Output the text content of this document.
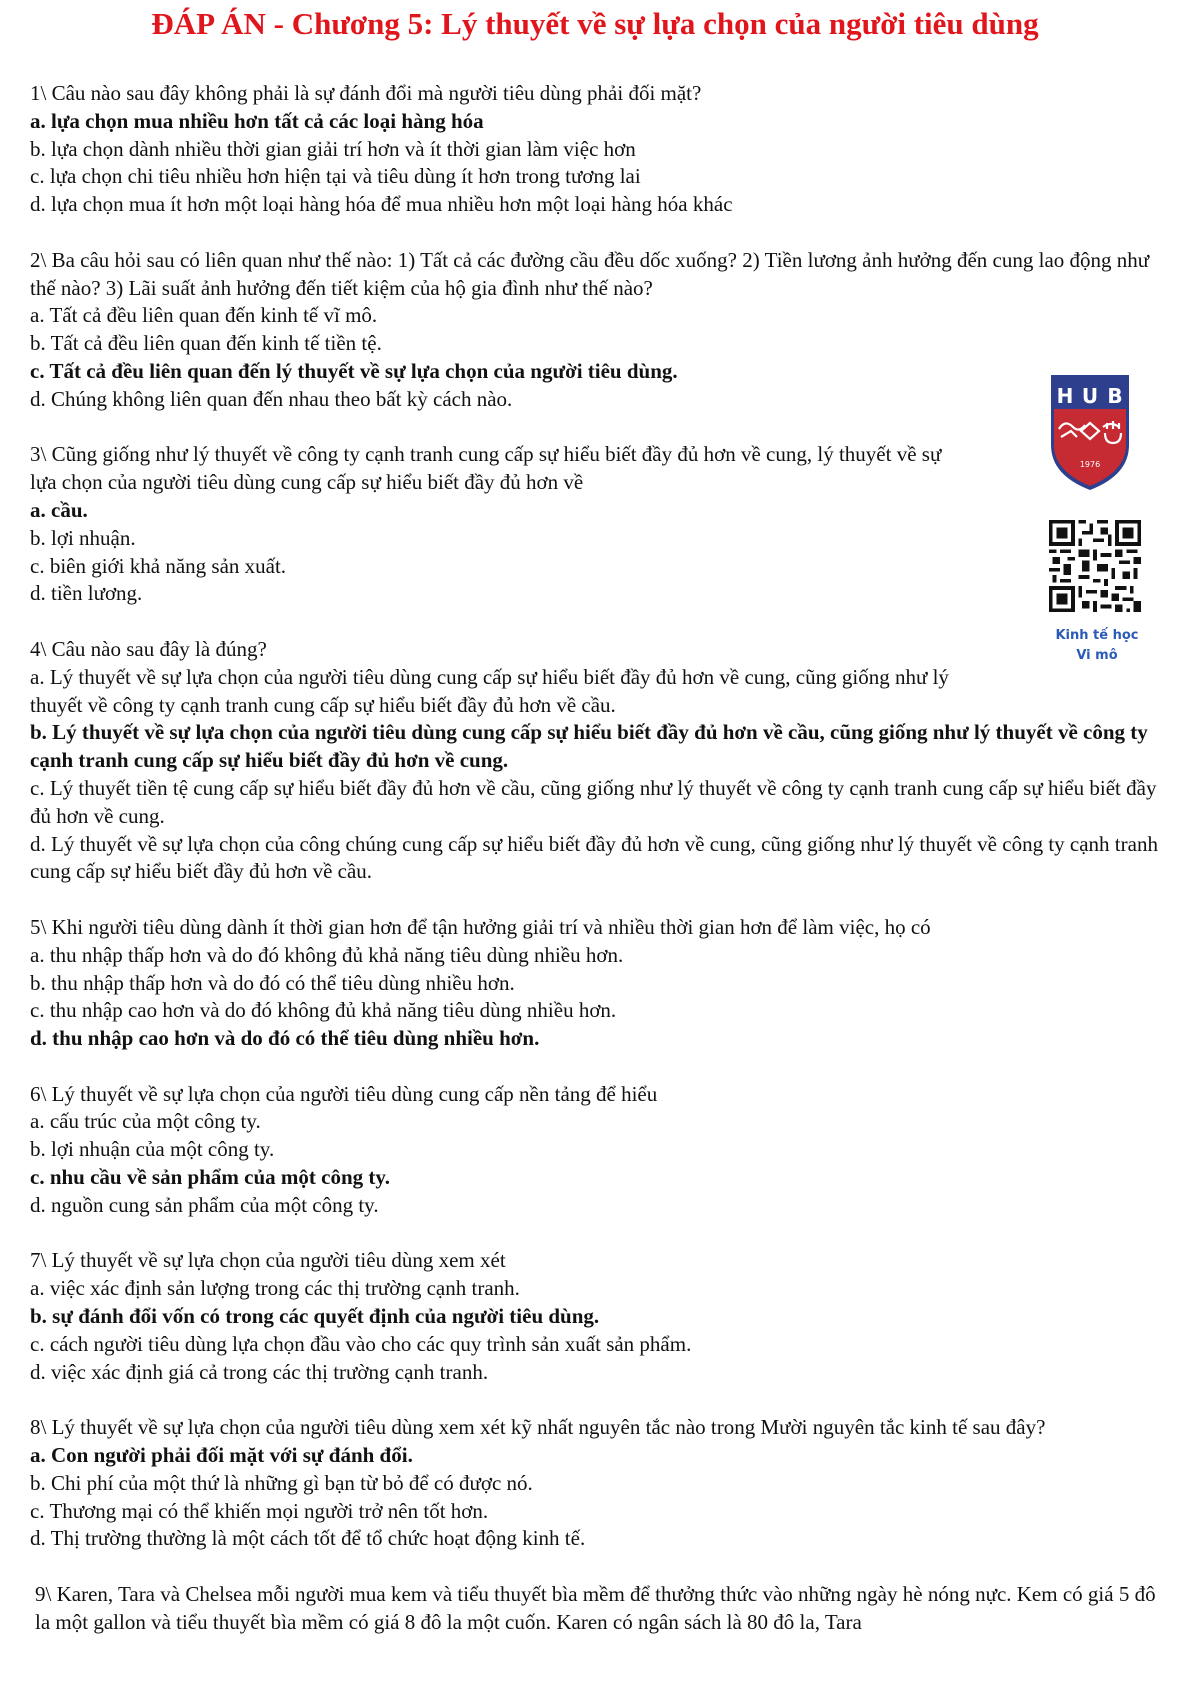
ĐÁP ÁN - Chương 5: Lý thuyết về sự lựa chọn của người tiêu dùng

1\ Câu nào sau đây không phải là sự đánh đổi mà người tiêu dùng phải đối mặt?

a. lựa chọn mua nhiều hơn tất cả các loại hàng hóa

b. lựa chọn dành nhiều thời gian giải trí hơn và ít thời gian làm việc hơn

c. lựa chọn chi tiêu nhiều hơn hiện tại và tiêu dùng ít hơn trong tương lai

d. lựa chọn mua ít hơn một loại hàng hóa để mua nhiều hơn một loại hàng hóa khác

2\ Ba câu hỏi sau có liên quan như thế nào: 1) Tất cả các đường cầu đều dốc xuống? 2) Tiền lương ảnh hưởng đến cung lao động như thế nào? 3) Lãi suất ảnh hưởng đến tiết kiệm của hộ gia đình như thế nào?

a. Tất cả đều liên quan đến kinh tế vĩ mô.

b. Tất cả đều liên quan đến kinh tế tiền tệ.

c. Tất cả đều liên quan đến lý thuyết về sự lựa chọn của người tiêu dùng.

d. Chúng không liên quan đến nhau theo bất kỳ cách nào.

3\ Cũng giống như lý thuyết về công ty cạnh tranh cung cấp sự hiểu biết đầy đủ hơn về cung, lý thuyết về sự lựa chọn của người tiêu dùng cung cấp sự hiểu biết đầy đủ hơn về

a. cầu.

b. lợi nhuận.

c. biên giới khả năng sản xuất.

d. tiền lương.

4\ Câu nào sau đây là đúng?

a. Lý thuyết về sự lựa chọn của người tiêu dùng cung cấp sự hiểu biết đầy đủ hơn về cung, cũng giống như lý thuyết về công ty cạnh tranh cung cấp sự hiểu biết đầy đủ hơn về cầu.

b. Lý thuyết về sự lựa chọn của người tiêu dùng cung cấp sự hiểu biết đầy đủ hơn về cầu, cũng giống như lý thuyết về công ty cạnh tranh cung cấp sự hiểu biết đầy đủ hơn về cung.

c. Lý thuyết tiền tệ cung cấp sự hiểu biết đầy đủ hơn về cầu, cũng giống như lý thuyết về công ty cạnh tranh cung cấp sự hiểu biết đầy đủ hơn về cung.

d. Lý thuyết về sự lựa chọn của công chúng cung cấp sự hiểu biết đầy đủ hơn về cung, cũng giống như lý thuyết về công ty cạnh tranh cung cấp sự hiểu biết đầy đủ hơn về cầu.

5\ Khi người tiêu dùng dành ít thời gian hơn để tận hưởng giải trí và nhiều thời gian hơn để làm việc, họ có

a. thu nhập thấp hơn và do đó không đủ khả năng tiêu dùng nhiều hơn.

b. thu nhập thấp hơn và do đó có thể tiêu dùng nhiều hơn.

c. thu nhập cao hơn và do đó không đủ khả năng tiêu dùng nhiều hơn.

d. thu nhập cao hơn và do đó có thể tiêu dùng nhiều hơn.

6\ Lý thuyết về sự lựa chọn của người tiêu dùng cung cấp nền tảng để hiểu

a. cấu trúc của một công ty.

b. lợi nhuận của một công ty.

c. nhu cầu về sản phẩm của một công ty.

d. nguồn cung sản phẩm của một công ty.

7\ Lý thuyết về sự lựa chọn của người tiêu dùng xem xét

a. việc xác định sản lượng trong các thị trường cạnh tranh.

b. sự đánh đổi vốn có trong các quyết định của người tiêu dùng.

c. cách người tiêu dùng lựa chọn đầu vào cho các quy trình sản xuất sản phẩm.

d. việc xác định giá cả trong các thị trường cạnh tranh.

8\ Lý thuyết về sự lựa chọn của người tiêu dùng xem xét kỹ nhất nguyên tắc nào trong Mười nguyên tắc kinh tế sau đây?

a. Con người phải đối mặt với sự đánh đổi.

b. Chi phí của một thứ là những gì bạn từ bỏ để có được nó.

c. Thương mại có thể khiến mọi người trở nên tốt hơn.

d. Thị trường thường là một cách tốt để tổ chức hoạt động kinh tế.

9\ Karen, Tara và Chelsea mỗi người mua kem và tiểu thuyết bìa mềm để thưởng thức vào những ngày hè nóng nực. Kem có giá 5 đô la một gallon và tiểu thuyết bìa mềm có giá 8 đô la một cuốn. Karen có ngân sách là 80 đô la, Tara

H U B
1976
Kinh tế học
Vi mô
